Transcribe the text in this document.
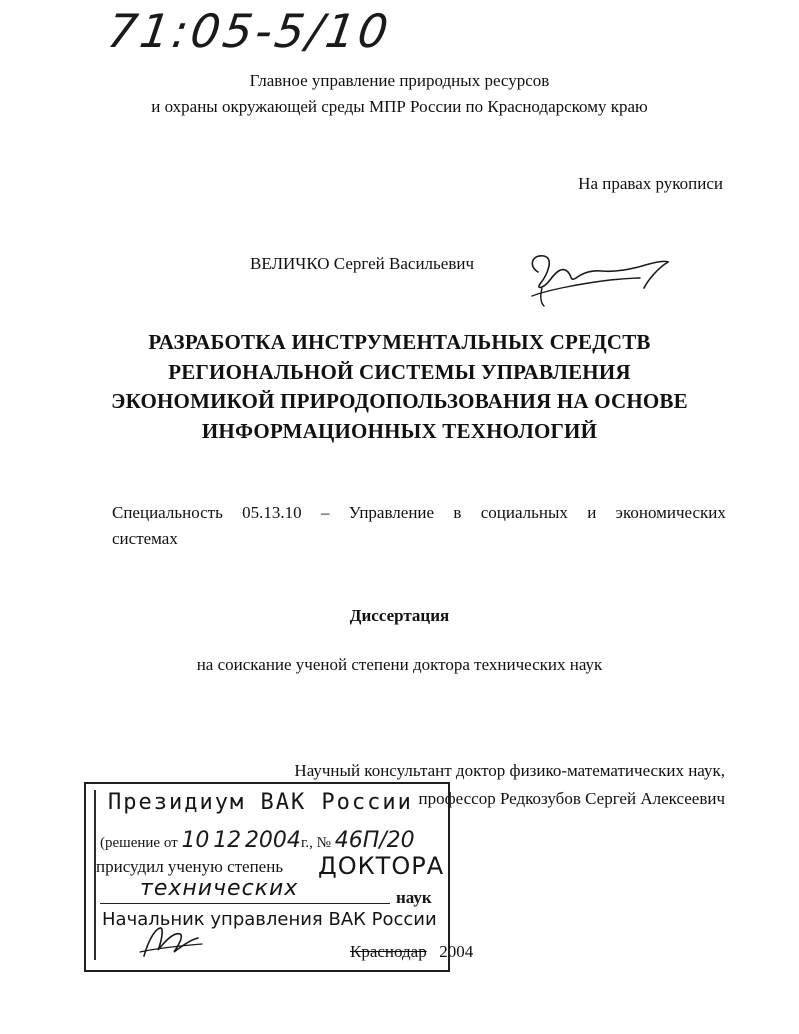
71:05-5/10
Главное управление природных ресурсов
и охраны окружающей среды МПР России по Краснодарскому краю
На правах рукописи
ВЕЛИЧКО Сергей Васильевич
РАЗРАБОТКА ИНСТРУМЕНТАЛЬНЫХ СРЕДСТВ
РЕГИОНАЛЬНОЙ СИСТЕМЫ УПРАВЛЕНИЯ
ЭКОНОМИКОЙ ПРИРОДОПОЛЬЗОВАНИЯ НА ОСНОВЕ
ИНФОРМАЦИОННЫХ ТЕХНОЛОГИЙ
Специальность 05.13.10 – Управление в социальных и экономических
системах
Диссертация
на соискание ученой степени доктора технических наук
Научный консультант доктор физико-математических наук,
профессор Редкозубов Сергей Алексеевич
Краснодар 2004
Президиум ВАК России
(решение от 10 12 2004г., № 46П/20
присудил ученую степень ДОКТОРА
технических	наук
Начальник управления ВАК России
